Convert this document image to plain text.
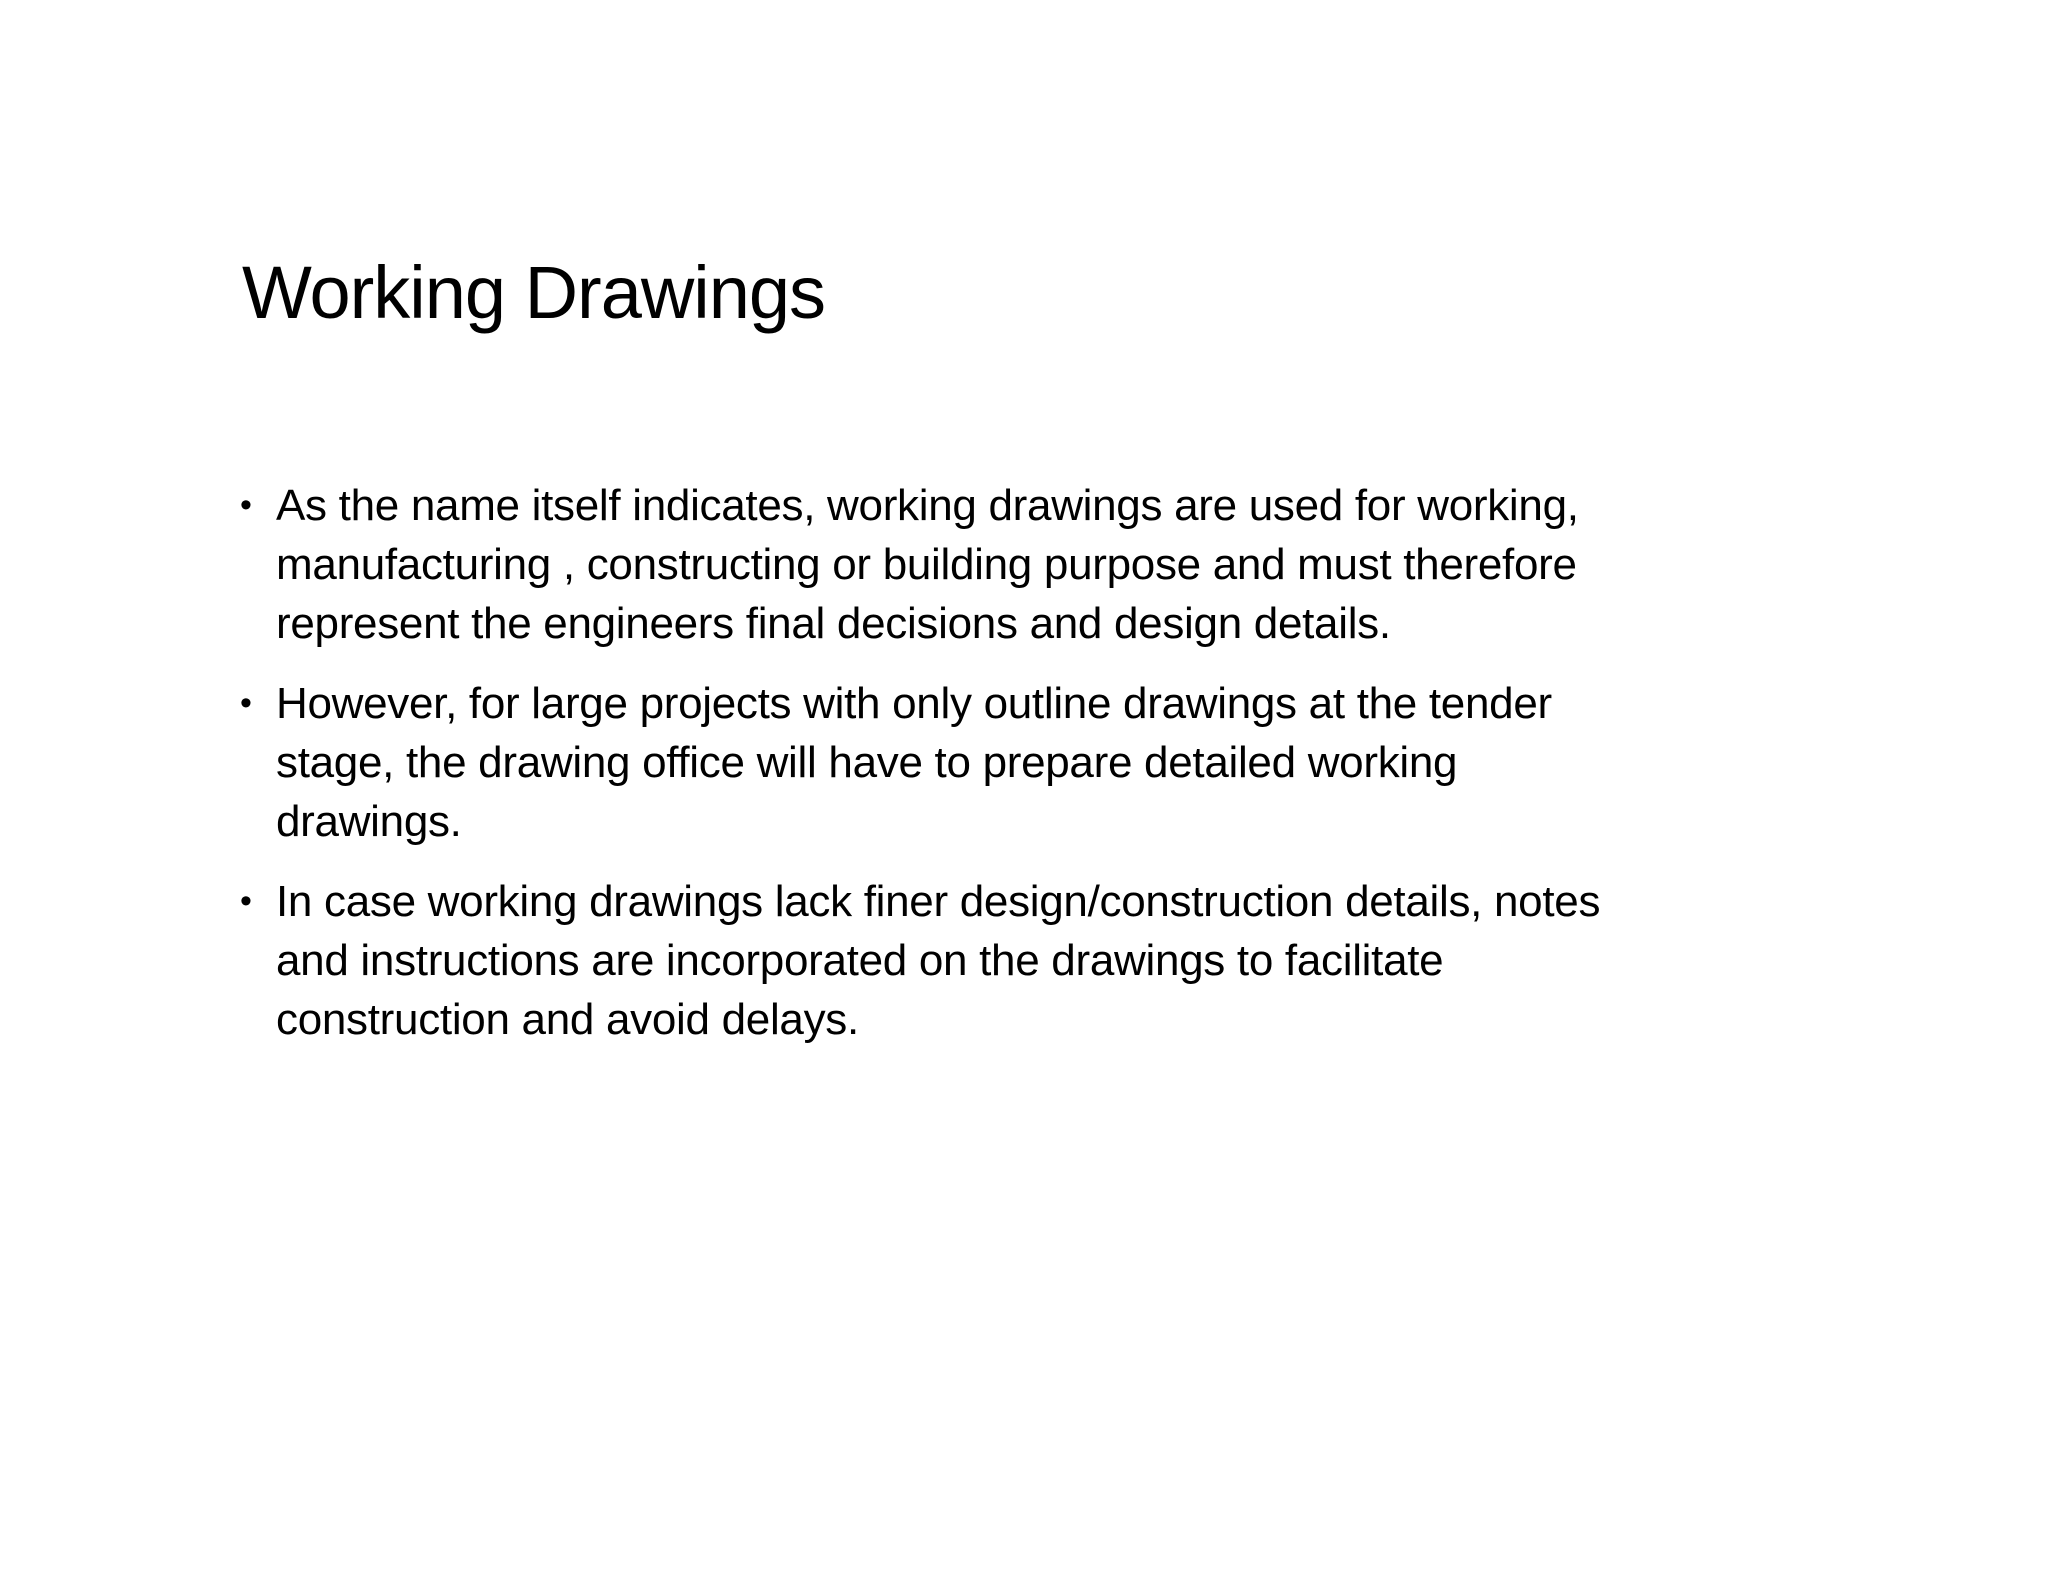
Working Drawings
• As the name itself indicates, working drawings are used for working,
manufacturing , constructing or building purpose and must therefore
represent the engineers final decisions and design details.
• However, for large projects with only outline drawings at the tender
stage, the drawing office will have to prepare detailed working
drawings.
• In case working drawings lack finer design/construction details, notes
and instructions are incorporated on the drawings to facilitate
construction and avoid delays.
